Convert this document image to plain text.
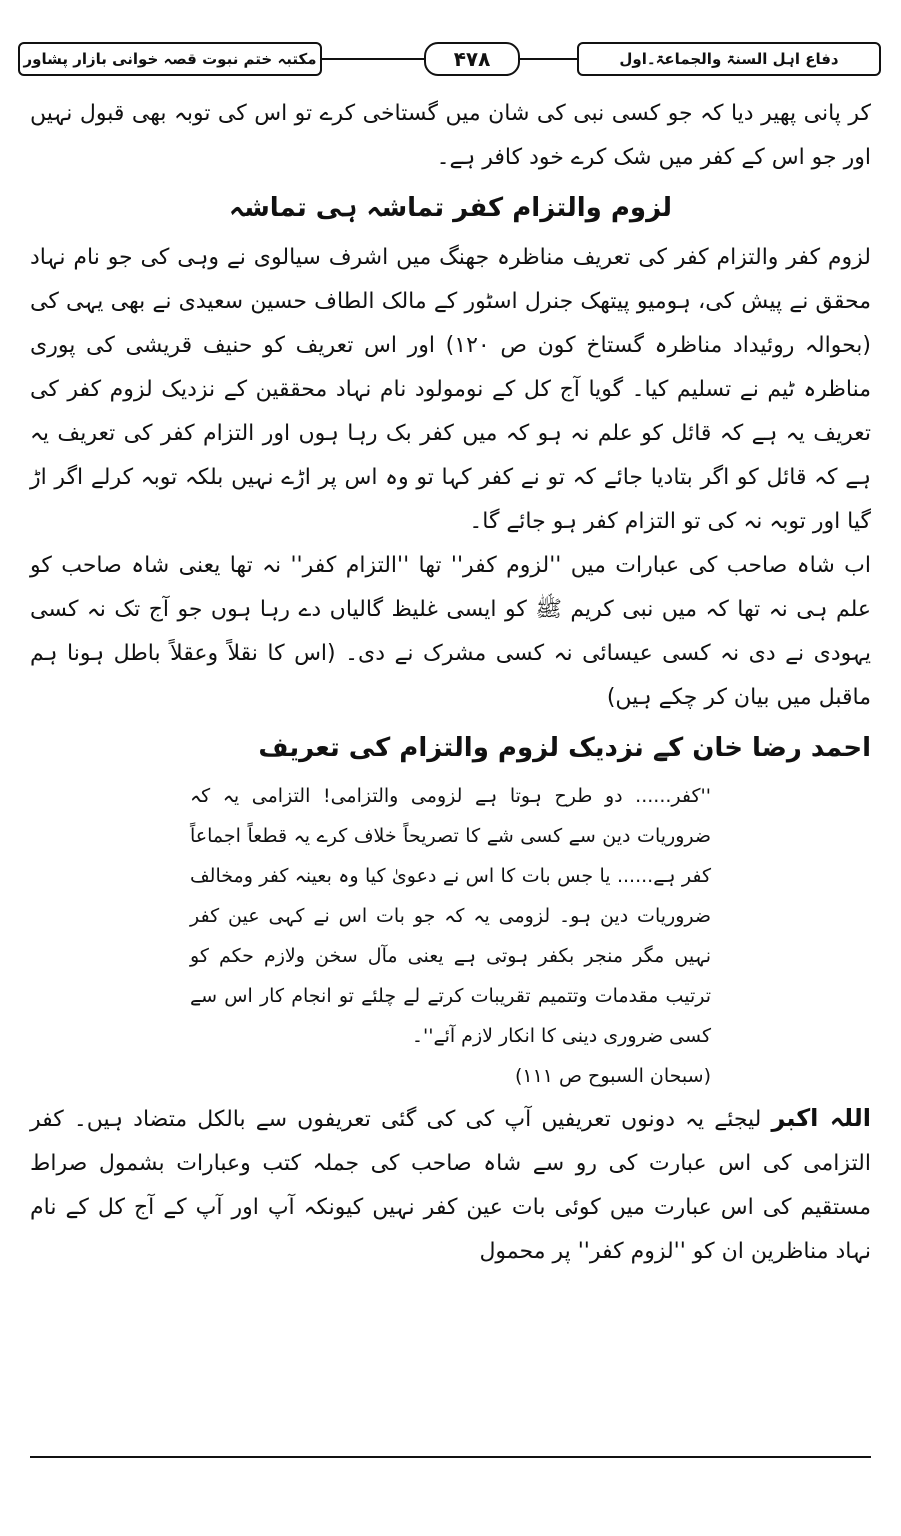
مکتبہ ختم نبوت قصہ خوانی بازار پشاور	۴۷۸	دفاع اہل السنۃ والجماعۃ۔اول

کر پانی پھیر دیا کہ جو کسی نبی کی شان میں گستاخی کرے تو اس کی توبہ بھی قبول نہیں اور جو اس کے کفر میں شک کرے خود کافر ہے۔

لزوم والتزام کفر تماشہ ہی تماشہ

لزوم کفر والتزام کفر کی تعریف مناظرہ جھنگ میں اشرف سیالوی نے وہی کی جو نام نہاد محقق نے پیش کی، ہومیو پیتھک جنرل اسٹور کے مالک الطاف حسین سعیدی نے بھی یہی کی (بحوالہ روئیداد مناظرہ گستاخ کون ص ۱۲۰) اور اس تعریف کو حنیف قریشی کی پوری مناظرہ ٹیم نے تسلیم کیا۔ گویا آج کل کے نومولود نام نہاد محققین کے نزدیک لزوم کفر کی تعریف یہ ہے کہ قائل کو علم نہ ہو کہ میں کفر بک رہا ہوں اور التزام کفر کی تعریف یہ ہے کہ قائل کو اگر بتادیا جائے کہ تو نے کفر کہا تو وہ اس پر اڑے نہیں بلکہ توبہ کرلے اگر اڑ گیا اور توبہ نہ کی تو التزام کفر ہو جائے گا۔

اب شاہ صاحب کی عبارات میں ''لزوم کفر'' تھا ''التزام کفر'' نہ تھا یعنی شاہ صاحب کو علم ہی نہ تھا کہ میں نبی کریم ﷺ کو ایسی غلیظ گالیاں دے رہا ہوں جو آج تک نہ کسی یہودی نے دی نہ کسی عیسائی نہ کسی مشرک نے دی۔ (اس کا نقلاً وعقلاً باطل ہونا ہم ماقبل میں بیان کر چکے ہیں)

احمد رضا خان کے نزدیک لزوم والتزام کی تعریف

''کفر...... دو طرح ہوتا ہے لزومی والتزامی! التزامی یہ کہ ضروریات دین سے کسی شے کا تصریحاً خلاف کرے یہ قطعاً اجماعاً کفر ہے...... یا جس بات کا اس نے دعویٰ کیا وہ بعینہ کفر ومخالف ضروریات دین ہو۔ لزومی یہ کہ جو بات اس نے کہی عین کفر نہیں مگر منجر بکفر ہوتی ہے یعنی مآل سخن ولازم حکم کو ترتیب مقدمات وتتمیم تقریبات کرتے لے چلئے تو انجام کار اس سے کسی ضروری دینی کا انکار لازم آئے''۔

(سبحان السبوح ص ۱۱۱)

اللہ اکبر لیجئے یہ دونوں تعریفیں آپ کی کی گئی تعریفوں سے بالکل متضاد ہیں۔ کفر التزامی کی اس عبارت کی رو سے شاہ صاحب کی جملہ کتب وعبارات بشمول صراط مستقیم کی اس عبارت میں کوئی بات عین کفر نہیں کیونکہ آپ اور آپ کے آج کل کے نام نہاد مناظرین ان کو ''لزوم کفر'' پر محمول
